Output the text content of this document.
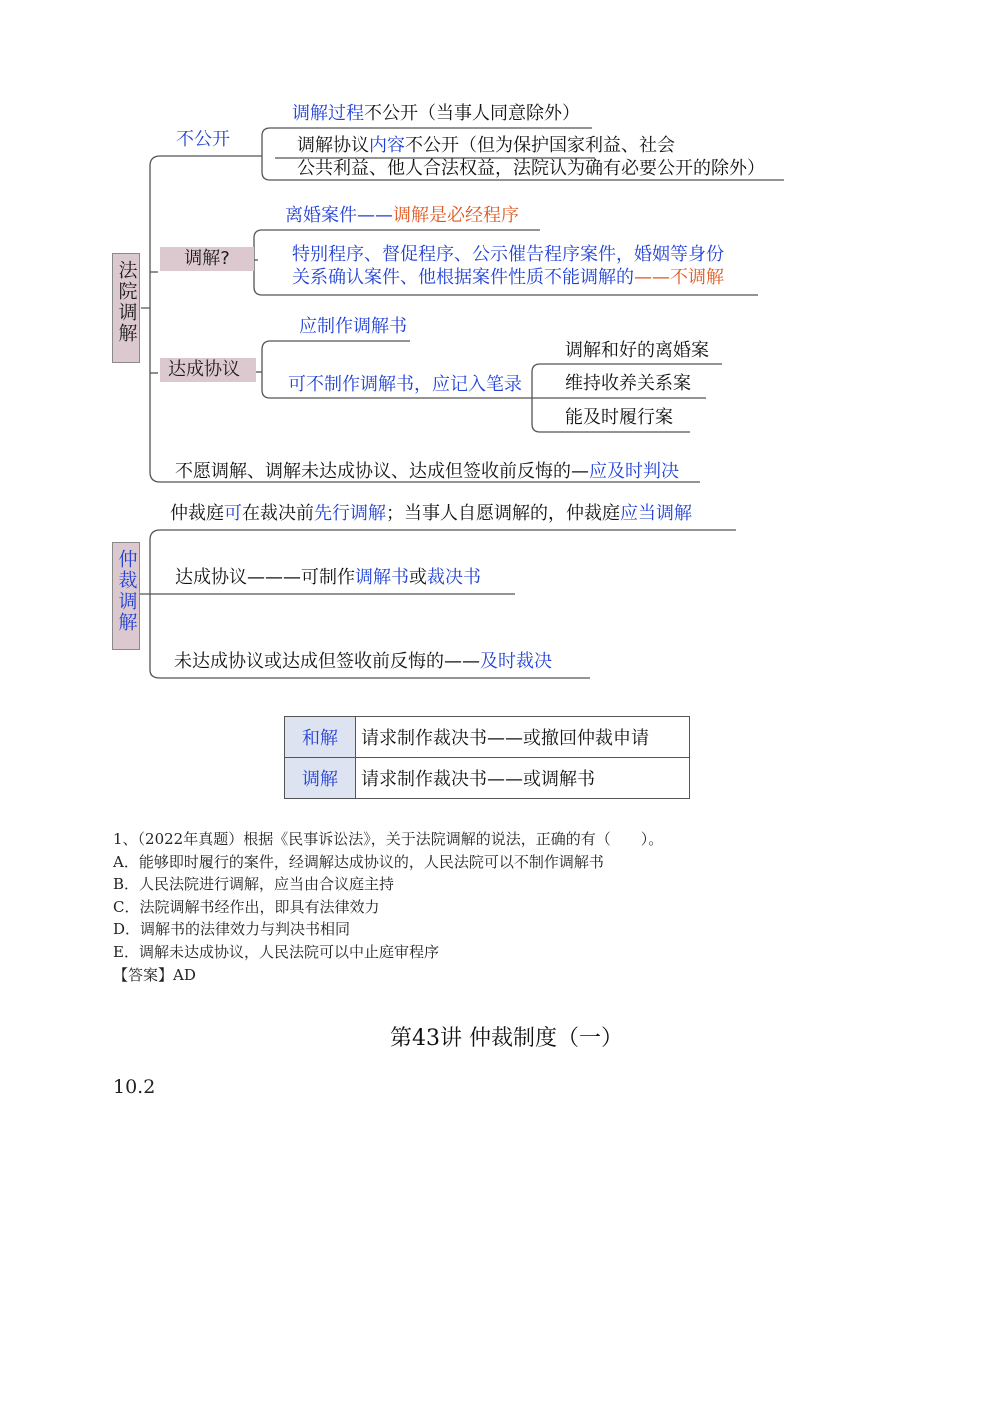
法院调解
不公开
调解过程不公开（当事人同意除外）
调解协议内容不公开（但为保护国家利益、社会
公共利益、他人合法权益，法院认为确有必要公开的除外）
调解?
离婚案件——调解是必经程序
特别程序、督促程序、公示催告程序案件，婚姻等身份
关系确认案件、他根据案件性质不能调解的——不调解
达成协议
应制作调解书
可不制作调解书，应记入笔录
调解和好的离婚案
维持收养关系案
能及时履行案
不愿调解、调解未达成协议、达成但签收前反悔的—应及时判决
仲裁调解
仲裁庭可在裁决前先行调解；当事人自愿调解的，仲裁庭应当调解
达成协议———可制作调解书或裁决书
未达成协议或达成但签收前反悔的——及时裁决
和解	请求制作裁决书——或撤回仲裁申请
调解	请求制作裁决书——或调解书
1、（2022年真题）根据《民事诉讼法》，关于法院调解的说法，正确的有（　　）。
A．能够即时履行的案件，经调解达成协议的，人民法院可以不制作调解书
B．人民法院进行调解，应当由合议庭主持
C．法院调解书经作出，即具有法律效力
D．调解书的法律效力与判决书相同
E．调解未达成协议，人民法院可以中止庭审程序
【答案】AD
第43讲 仲裁制度（一）
10.2
